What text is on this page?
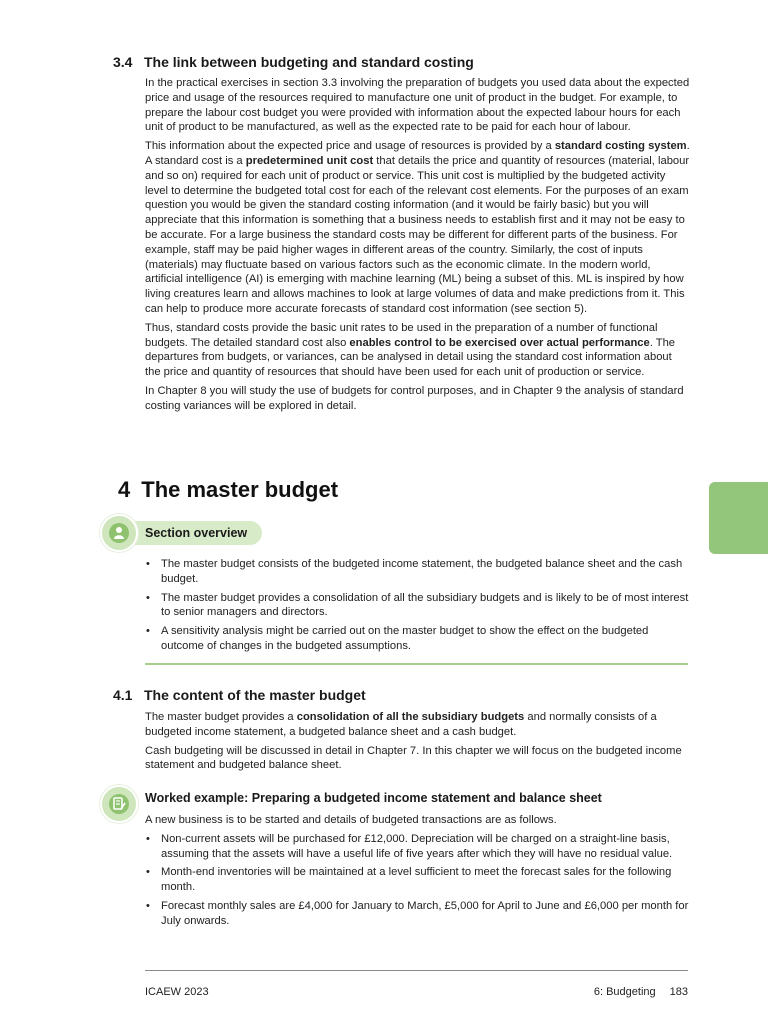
3.4 The link between budgeting and standard costing

In the practical exercises in section 3.3 involving the preparation of budgets you used data about the expected price and usage of the resources required to manufacture one unit of product in the budget. For example, to prepare the labour cost budget you were provided with information about the expected labour hours for each unit of product to be manufactured, as well as the expected rate to be paid for each hour of labour.

This information about the expected price and usage of resources is provided by a standard costing system. A standard cost is a predetermined unit cost that details the price and quantity of resources (material, labour and so on) required for each unit of product or service. This unit cost is multiplied by the budgeted activity level to determine the budgeted total cost for each of the relevant cost elements. For the purposes of an exam question you would be given the standard costing information (and it would be fairly basic) but you will appreciate that this information is something that a business needs to establish first and it may not be easy to be accurate. For a large business the standard costs may be different for different parts of the business. For example, staff may be paid higher wages in different areas of the country. Similarly, the cost of inputs (materials) may fluctuate based on various factors such as the economic climate. In the modern world, artificial intelligence (AI) is emerging with machine learning (ML) being a subset of this. ML is inspired by how living creatures learn and allows machines to look at large volumes of data and make predictions from it. This can help to produce more accurate forecasts of standard cost information (see section 5).

Thus, standard costs provide the basic unit rates to be used in the preparation of a number of functional budgets. The detailed standard cost also enables control to be exercised over actual performance. The departures from budgets, or variances, can be analysed in detail using the standard cost information about the price and quantity of resources that should have been used for each unit of production or service.

In Chapter 8 you will study the use of budgets for control purposes, and in Chapter 9 the analysis of standard costing variances will be explored in detail.

4 The master budget
Section overview
• The master budget consists of the budgeted income statement, the budgeted balance sheet and the cash budget.
• The master budget provides a consolidation of all the subsidiary budgets and is likely to be of most interest to senior managers and directors.
• A sensitivity analysis might be carried out on the master budget to show the effect on the budgeted outcome of changes in the budgeted assumptions.
4.1 The content of the master budget

The master budget provides a consolidation of all the subsidiary budgets and normally consists of a budgeted income statement, a budgeted balance sheet and a cash budget.

Cash budgeting will be discussed in detail in Chapter 7. In this chapter we will focus on the budgeted income statement and budgeted balance sheet.

Worked example: Preparing a budgeted income statement and balance sheet

A new business is to be started and details of budgeted transactions are as follows.

• Non-current assets will be purchased for £12,000. Depreciation will be charged on a straight-line basis, assuming that the assets will have a useful life of five years after which they will have no residual value.
• Month-end inventories will be maintained at a level sufficient to meet the forecast sales for the following month.
• Forecast monthly sales are £4,000 for January to March, £5,000 for April to June and £6,000 per month for July onwards.
ICAEW 2023	6: Budgeting 183
